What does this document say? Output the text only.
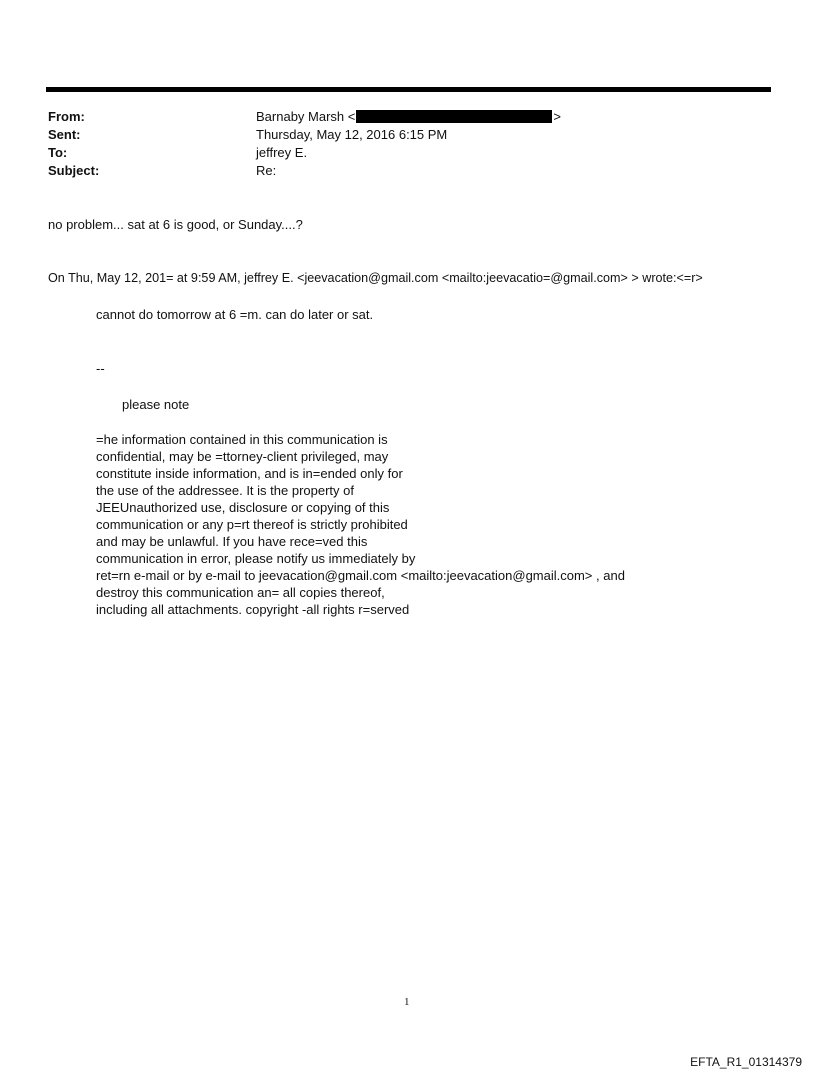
From:	Barnaby Marsh <	>
Sent:	Thursday, May 12, 2016 6:15 PM
To:	jeffrey E.
Subject:	Re:
no problem... sat at 6 is good, or Sunday....?
On Thu, May 12, 201= at 9:59 AM, jeffrey E. <jeevacation@gmail.com <mailto:jeevacatio=@gmail.com> > wrote:<=r>
cannot do tomorrow at 6 =m. can do later or sat.
--
please note
=he information contained in this communication is
confidential, may be =ttorney-client privileged, may
constitute inside information, and is in=ended only for
the use of the addressee. It is the property of
JEEUnauthorized use, disclosure or copying of this
communication or any p=rt thereof is strictly prohibited
and may be unlawful. If you have rece=ved this
communication in error, please notify us immediately by
ret=rn e-mail or by e-mail to jeevacation@gmail.com <mailto:jeevacation@gmail.com> , and
destroy this communication an= all copies thereof,
including all attachments. copyright -all rights r=served
1
EFTA_R1_01314379
